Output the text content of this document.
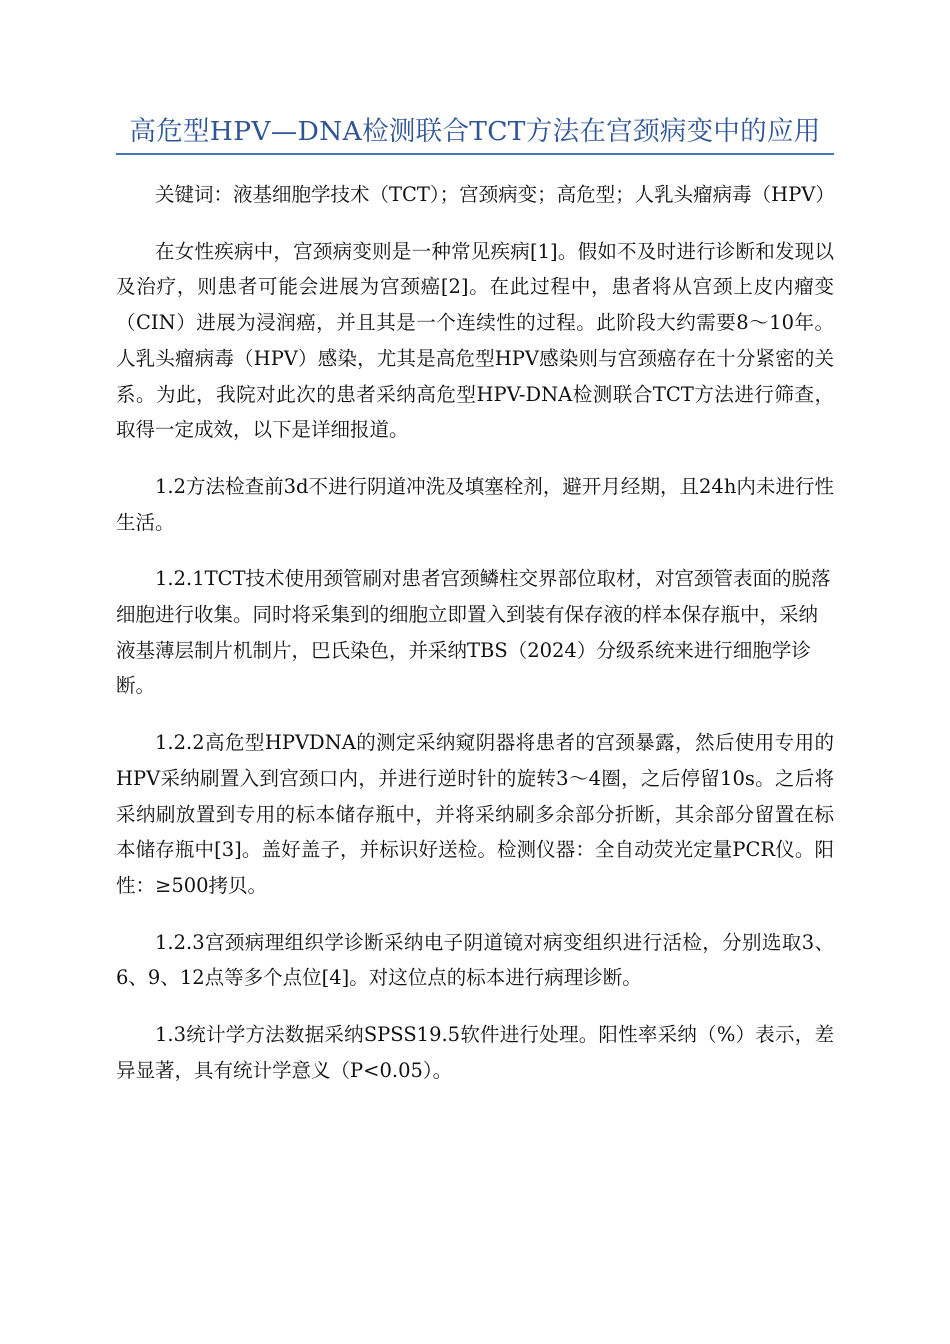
高危型HPV—DNA检测联合TCT方法在宫颈病变中的应用

关键词：液基细胞学技术（TCT）；宫颈病变；高危型；人乳头瘤病毒（HPV）

在女性疾病中，宫颈病变则是一种常见疾病[1]。假如不及时进行诊断和发现以及治疗，则患者可能会进展为宫颈癌[2]。在此过程中，患者将从宫颈上皮内瘤变（CIN）进展为浸润癌，并且其是一个连续性的过程。此阶段大约需要8～10年。人乳头瘤病毒（HPV）感染，尤其是高危型HPV感染则与宫颈癌存在十分紧密的关系。为此，我院对此次的患者采纳高危型HPV-DNA检测联合TCT方法进行筛查，取得一定成效，以下是详细报道。

1.2方法检查前3d不进行阴道冲洗及填塞栓剂，避开月经期，且24h内未进行性生活。

1.2.1TCT技术使用颈管刷对患者宫颈鳞柱交界部位取材，对宫颈管表面的脱落细胞进行收集。同时将采集到的细胞立即置入到装有保存液的样本保存瓶中，采纳液基薄层制片机制片，巴氏染色，并采纳TBS（2024）分级系统来进行细胞学诊断。

1.2.2高危型HPVDNA的测定采纳窥阴器将患者的宫颈暴露，然后使用专用的HPV采纳刷置入到宫颈口内，并进行逆时针的旋转3～4圈，之后停留10s。之后将采纳刷放置到专用的标本储存瓶中，并将采纳刷多余部分折断，其余部分留置在标本储存瓶中[3]。盖好盖子，并标识好送检。检测仪器：全自动荧光定量PCR仪。阳性：≥500拷贝。

1.2.3宫颈病理组织学诊断采纳电子阴道镜对病变组织进行活检，分别选取3、6、9、12点等多个点位[4]。对这位点的标本进行病理诊断。

1.3统计学方法数据采纳SPSS19.5软件进行处理。阳性率采纳（%）表示，差异显著，具有统计学意义（P<0.05）。
